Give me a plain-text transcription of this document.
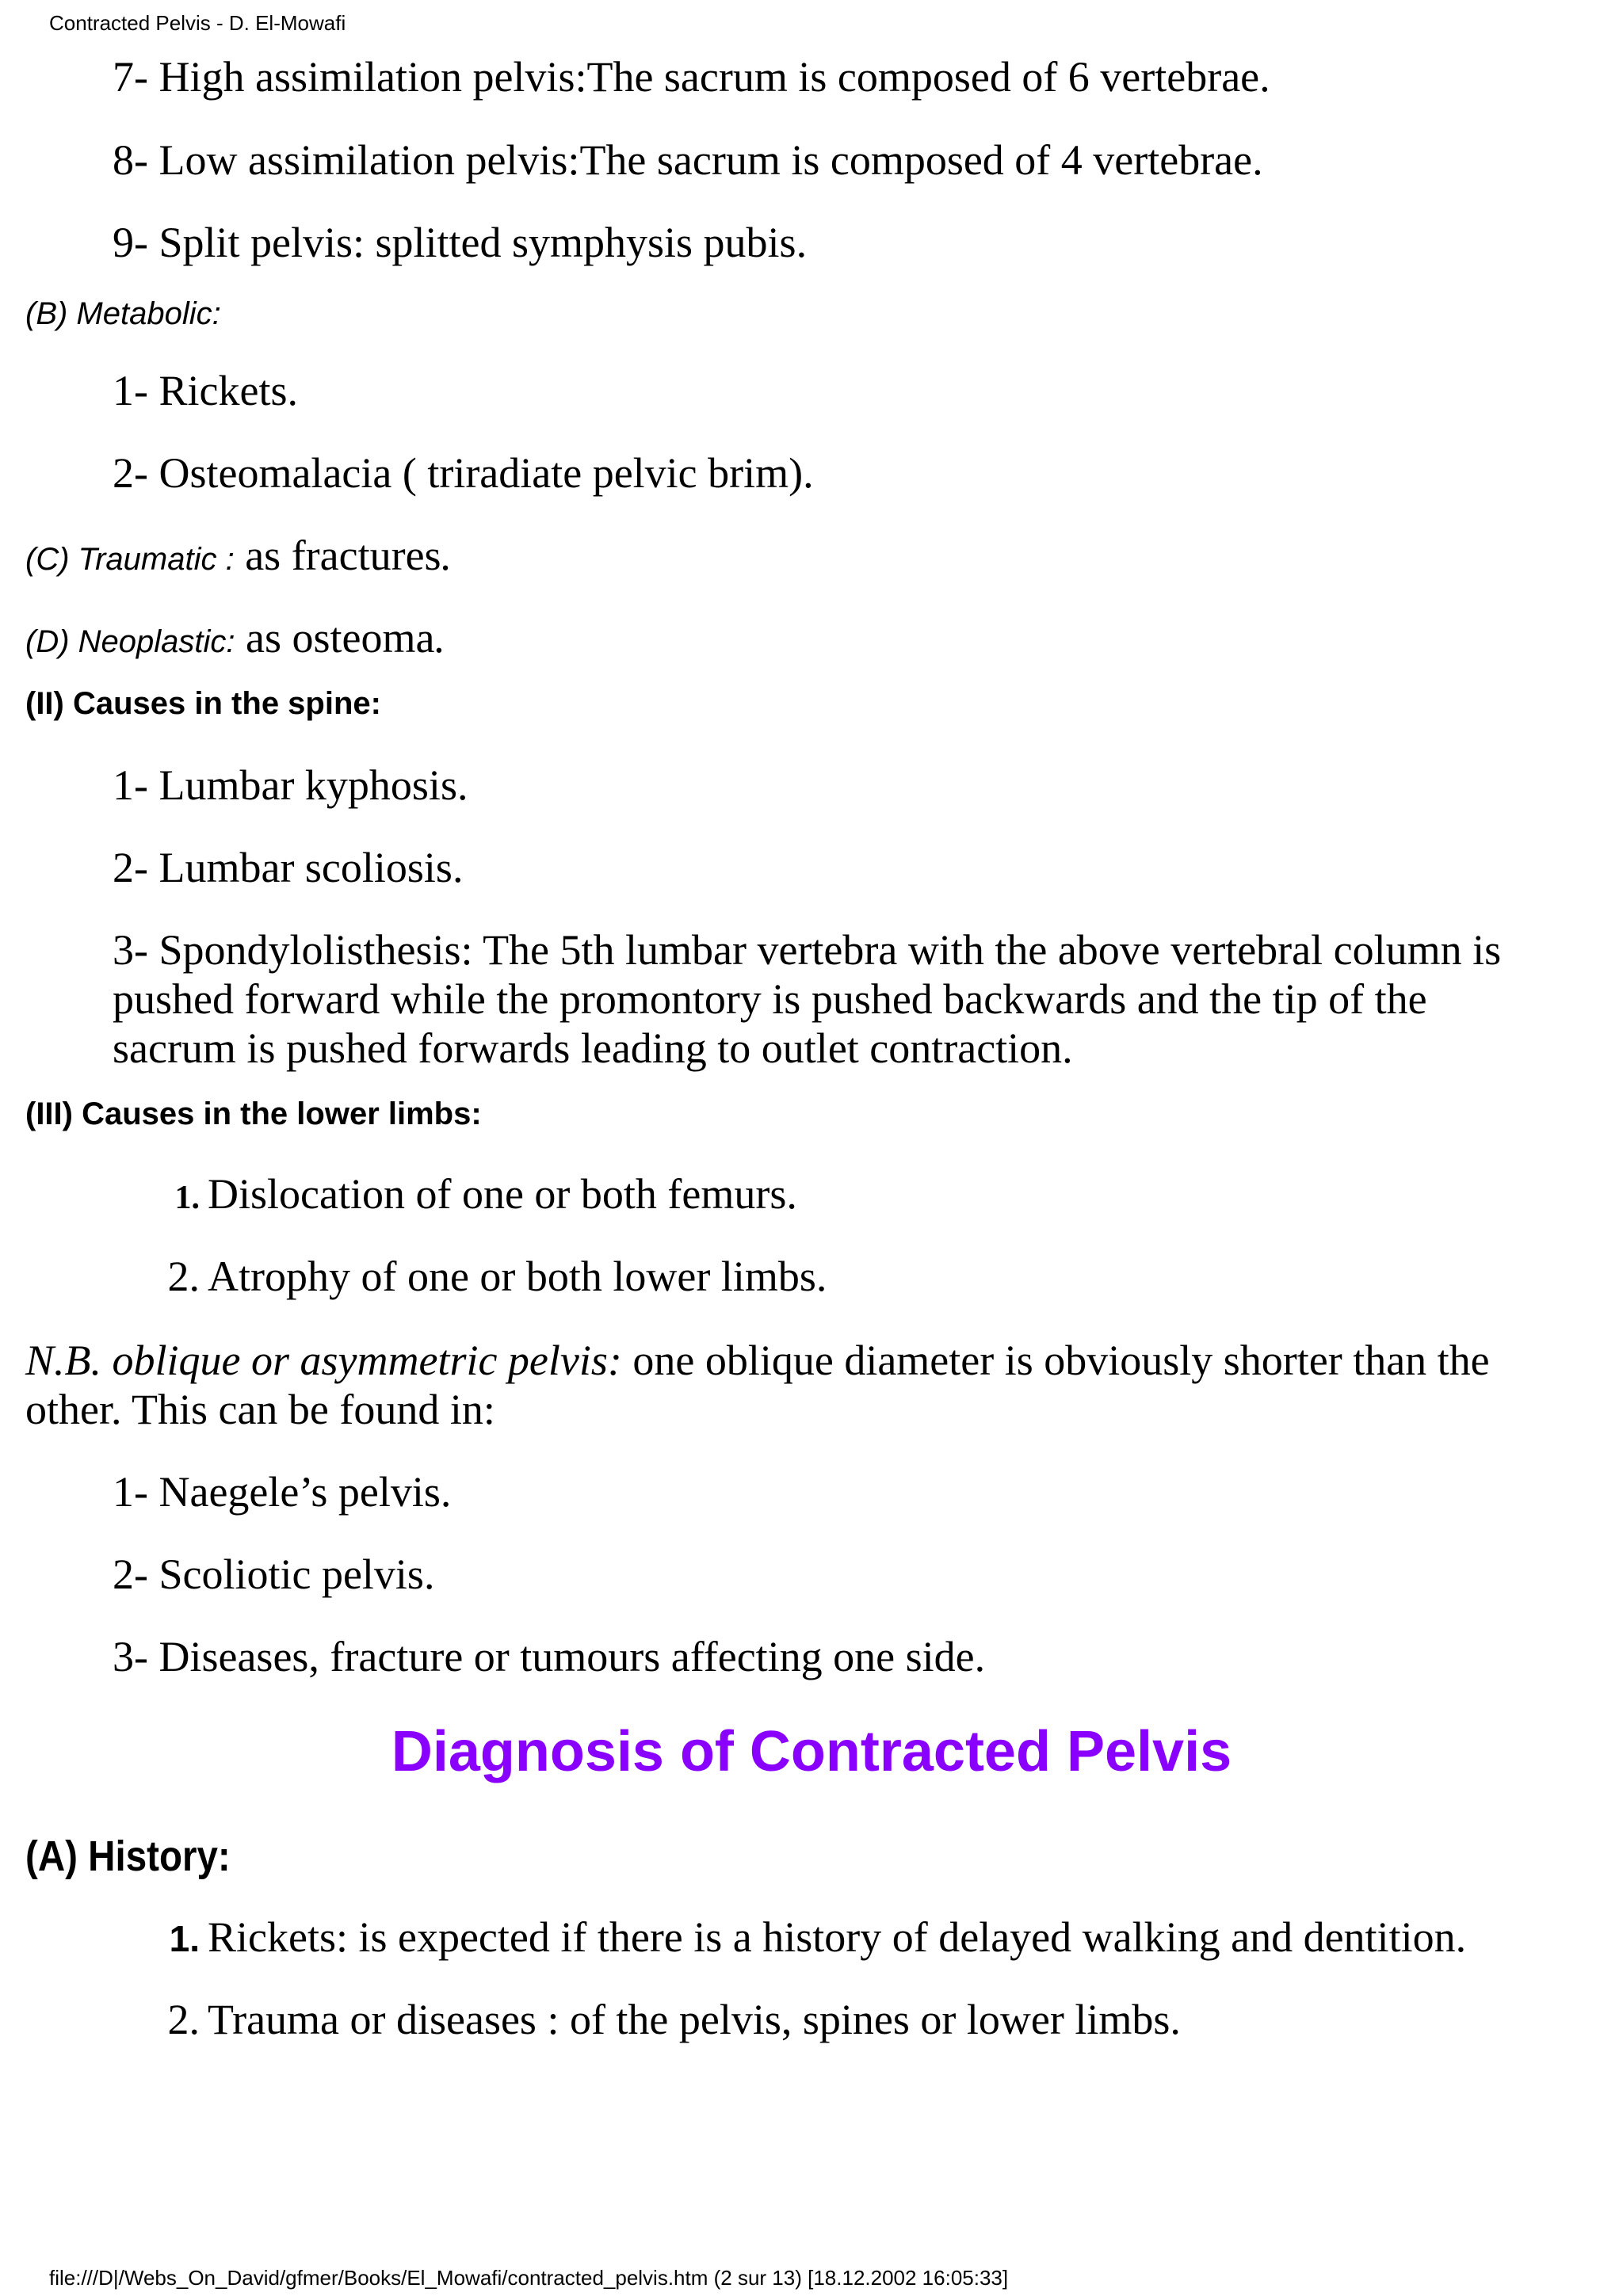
Contracted Pelvis - D. El-Mowafi
7- High assimilation pelvis:The sacrum is composed of 6 vertebrae.
8- Low assimilation pelvis:The sacrum is composed of 4 vertebrae.
9- Split pelvis: splitted symphysis pubis.
(B) Metabolic:
1- Rickets.
2- Osteomalacia ( triradiate pelvic brim).
(C) Traumatic : as fractures.
(D) Neoplastic: as osteoma.
(II) Causes in the spine:
1- Lumbar kyphosis.
2- Lumbar scoliosis.
3- Spondylolisthesis: The 5th lumbar vertebra with the above vertebral column is pushed forward while the promontory is pushed backwards and the tip of the sacrum is pushed forwards leading to outlet contraction.
(III) Causes in the lower limbs:
1. Dislocation of one or both femurs.
2. Atrophy of one or both lower limbs.
N.B. oblique or asymmetric pelvis: one oblique diameter is obviously shorter than the other. This can be found in:
1- Naegele’s pelvis.
2- Scoliotic pelvis.
3- Diseases, fracture or tumours affecting one side.
Diagnosis of Contracted Pelvis
(A) History:
1. Rickets: is expected if there is a history of delayed walking and dentition.
2. Trauma or diseases : of the pelvis, spines or lower limbs.
file:///D|/Webs_On_David/gfmer/Books/El_Mowafi/contracted_pelvis.htm (2 sur 13) [18.12.2002 16:05:33]
